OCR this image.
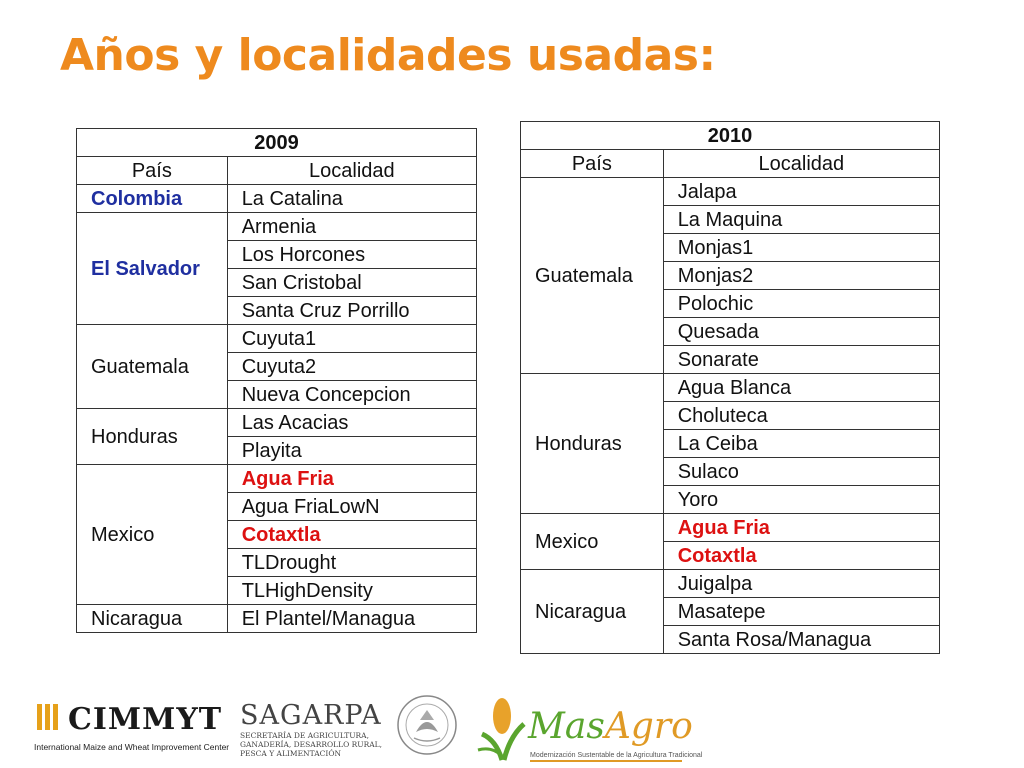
Años y localidades usadas:
2009	
País	Localidad
Colombia	La Catalina
El Salvador	Armenia
	Los Horcones
	San Cristobal
	Santa Cruz Porrillo
Guatemala	Cuyuta1
	Cuyuta2
	Nueva Concepcion
Honduras	Las Acacias
	Playita
Mexico	Agua Fria
	Agua FriaLowN
	Cotaxtla
	TLDrought
	TLHighDensity
Nicaragua	El Plantel/Managua
2010	
País	Localidad
Guatemala	Jalapa
	La Maquina
	Monjas1
	Monjas2
	Polochic
	Quesada
	Sonarate
Honduras	Agua Blanca
	Choluteca
	La Ceiba
	Sulaco
	Yoro
Mexico	Agua Fria
	Cotaxtla
Nicaragua	Juigalpa
	Masatepe
	Santa Rosa/Managua
CIMMYT
International Maize and Wheat Improvement Center
SAGARPA
SECRETARÍA DE AGRICULTURA,
GANADERÍA, DESARROLLO RURAL,
PESCA Y ALIMENTACIÓN
MasAgro
Modernización Sustentable de la Agricultura Tradicional
